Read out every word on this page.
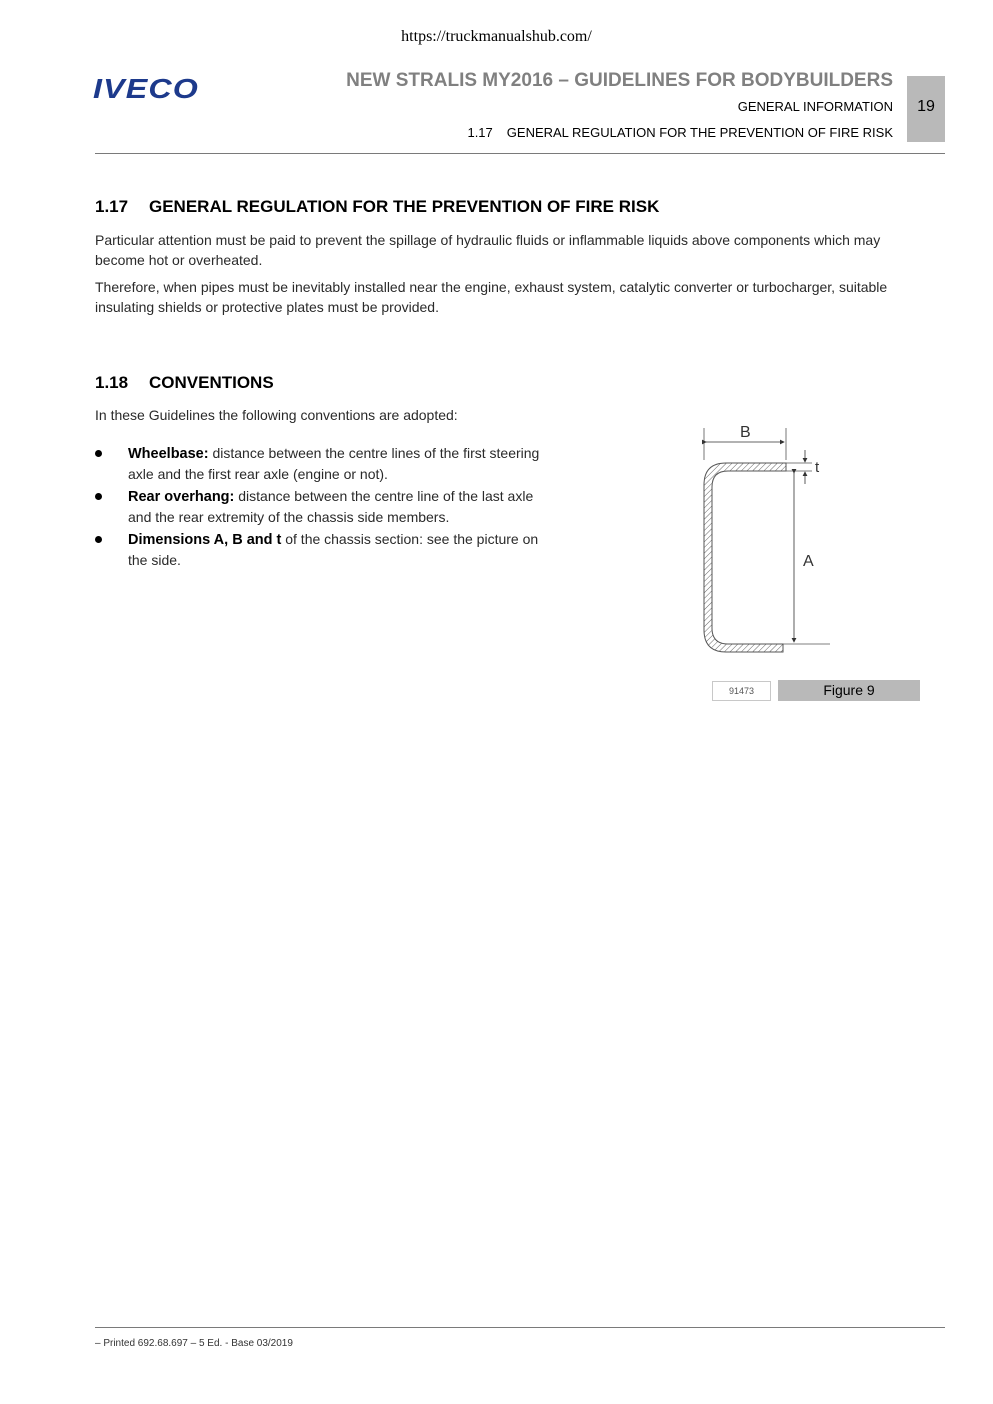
https://truckmanualshub.com/
IVECO	NEW STRALIS MY2016 – GUIDELINES FOR BODYBUILDERS
GENERAL INFORMATION
1.17 GENERAL REGULATION FOR THE PREVENTION OF FIRE RISK
19
1.17 GENERAL REGULATION FOR THE PREVENTION OF FIRE RISK

Particular attention must be paid to prevent the spillage of hydraulic fluids or inflammable liquids above components which may become hot or overheated.

Therefore, when pipes must be inevitably installed near the engine, exhaust system, catalytic converter or turbocharger, suitable insulating shields or protective plates must be provided.

1.18 CONVENTIONS

In these Guidelines the following conventions are adopted:

Wheelbase: distance between the centre lines of the first steering axle and the first rear axle (engine or not).
Rear overhang: distance between the centre line of the last axle and the rear extremity of the chassis side members.
Dimensions A, B and t of the chassis section: see the picture on the side.
B
t
A
91473	Figure 9
– Printed 692.68.697 – 5 Ed. - Base 03/2019
